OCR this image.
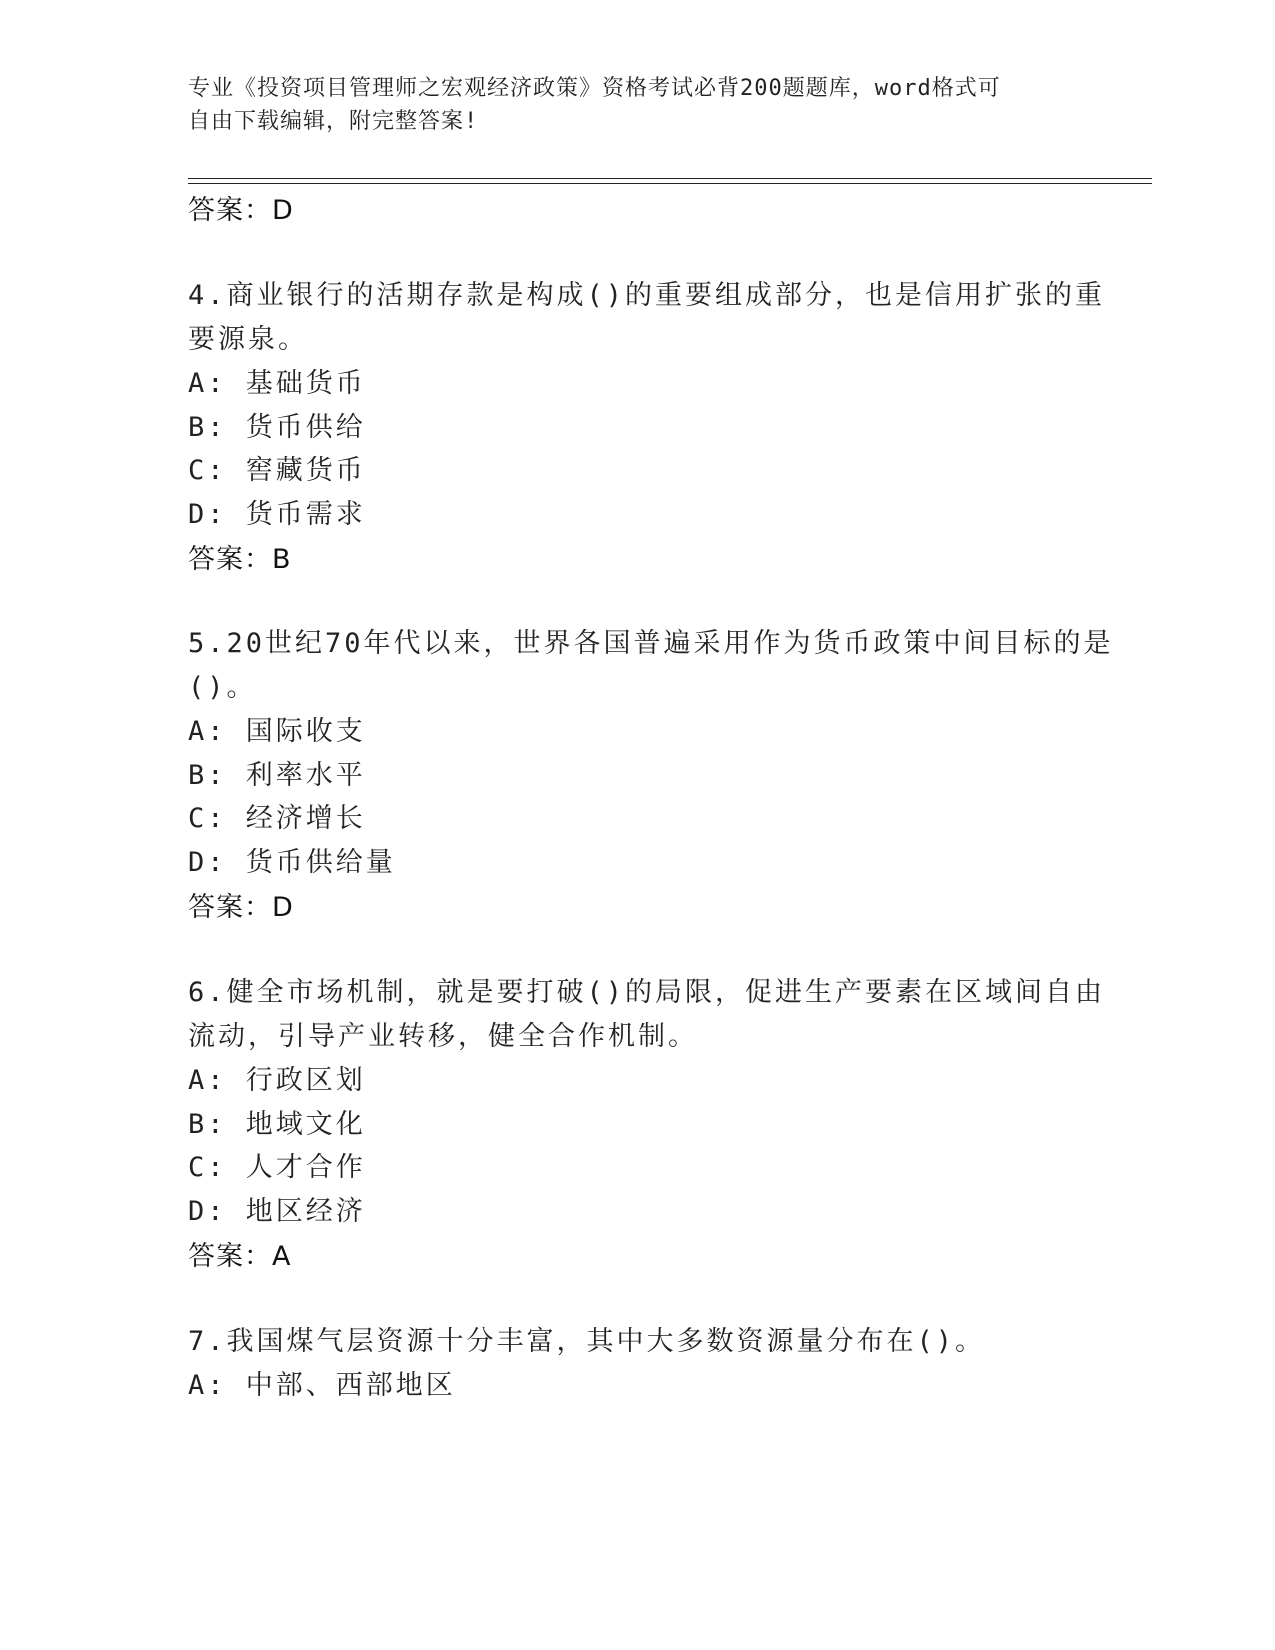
专业《投资项目管理师之宏观经济政策》资格考试必背200题题库，word格式可
自由下载编辑，附完整答案!
答案：D
4.商业银行的活期存款是构成()的重要组成部分，也是信用扩张的重
要源泉。
A: 基础货币
B: 货币供给
C: 窖藏货币
D: 货币需求
答案：B
5.20世纪70年代以来，世界各国普遍采用作为货币政策中间目标的是
()。
A: 国际收支
B: 利率水平
C: 经济增长
D: 货币供给量
答案：D
6.健全市场机制，就是要打破()的局限，促进生产要素在区域间自由
流动，引导产业转移，健全合作机制。
A: 行政区划
B: 地域文化
C: 人才合作
D: 地区经济
答案：A
7.我国煤气层资源十分丰富，其中大多数资源量分布在()。
A: 中部、西部地区
